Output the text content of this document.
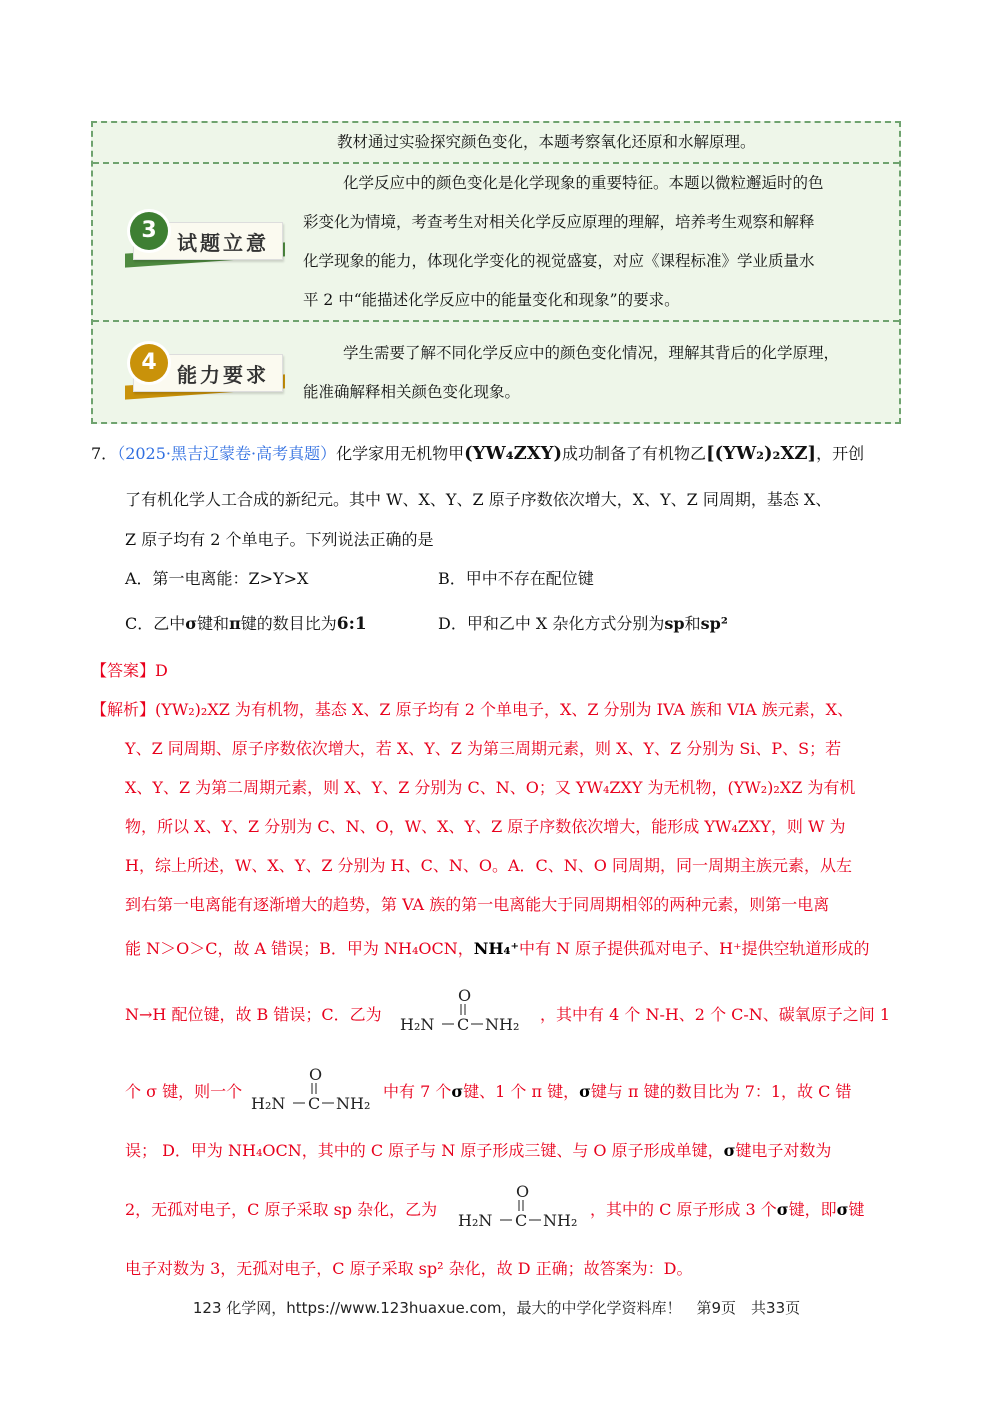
教材通过实验探究颜色变化，本题考察氧化还原和水解原理。
3	试题立意
化学反应中的颜色变化是化学现象的重要特征。本题以微粒邂逅时的色
彩变化为情境，考查考生对相关化学反应原理的理解，培养考生观察和解释
化学现象的能力，体现化学变化的视觉盛宴，对应《课程标准》学业质量水
平 2 中“能描述化学反应中的能量变化和现象”的要求。
4	能力要求
学生需要了解不同化学反应中的颜色变化情况，理解其背后的化学原理，
能准确解释相关颜色变化现象。
7．（2025·黑吉辽蒙卷·高考真题）化学家用无机物甲(YW₄ZXY)成功制备了有机物乙[(YW₂)₂XZ]，开创
了有机化学人工合成的新纪元。其中 W、X、Y、Z 原子序数依次增大，X、Y、Z 同周期，基态 X、
Z 原子均有 2 个单电子。下列说法正确的是
A．第一电离能：Z>Y>X	B．甲中不存在配位键
C．乙中σ键和π键的数目比为6:1	D．甲和乙中 X 杂化方式分别为sp和sp²
【答案】D
【解析】(YW₂)₂XZ 为有机物，基态 X、Z 原子均有 2 个单电子，X、Z 分别为 IVA 族和 VIA 族元素，X、
Y、Z 同周期、原子序数依次增大，若 X、Y、Z 为第三周期元素，则 X、Y、Z 分别为 Si、P、S；若
X、Y、Z 为第二周期元素，则 X、Y、Z 分别为 C、N、O；又 YW₄ZXY 为无机物，(YW₂)₂XZ 为有机
物，所以 X、Y、Z 分别为 C、N、O，W、X、Y、Z 原子序数依次增大，能形成 YW₄ZXY，则 W 为
H，综上所述，W、X、Y、Z 分别为 H、C、N、O。A．C、N、O 同周期，同一周期主族元素，从左
到右第一电离能有逐渐增大的趋势，第 VA 族的第一电离能大于同周期相邻的两种元素，则第一电离
能 N＞O＞C，故 A 错误；B．甲为 NH₄OCN，NH₄⁺中有 N 原子提供孤对电子、H⁺提供空轨道形成的
N→H 配位键，故 B 错误；C．乙为
O
H₂N C NH₂
，其中有 4 个 N-H、2 个 C-N、碳氧原子之间 1
个 σ 键，则一个
O
H₂N C NH₂
中有 7 个σ键、1 个 π 键，σ键与 π 键的数目比为 7：1，故 C 错
误； D．甲为 NH₄OCN，其中的 C 原子与 N 原子形成三键、与 O 原子形成单键，σ键电子对数为
2，无孤对电子，C 原子采取 sp 杂化，乙为
O
H₂N C NH₂
，其中的 C 原子形成 3 个σ键，即σ键
电子对数为 3，无孤对电子，C 原子采取 sp² 杂化，故 D 正确；故答案为：D。
123 化学网，https://www.123huaxue.com，最大的中学化学资料库！　第9页　共33页
